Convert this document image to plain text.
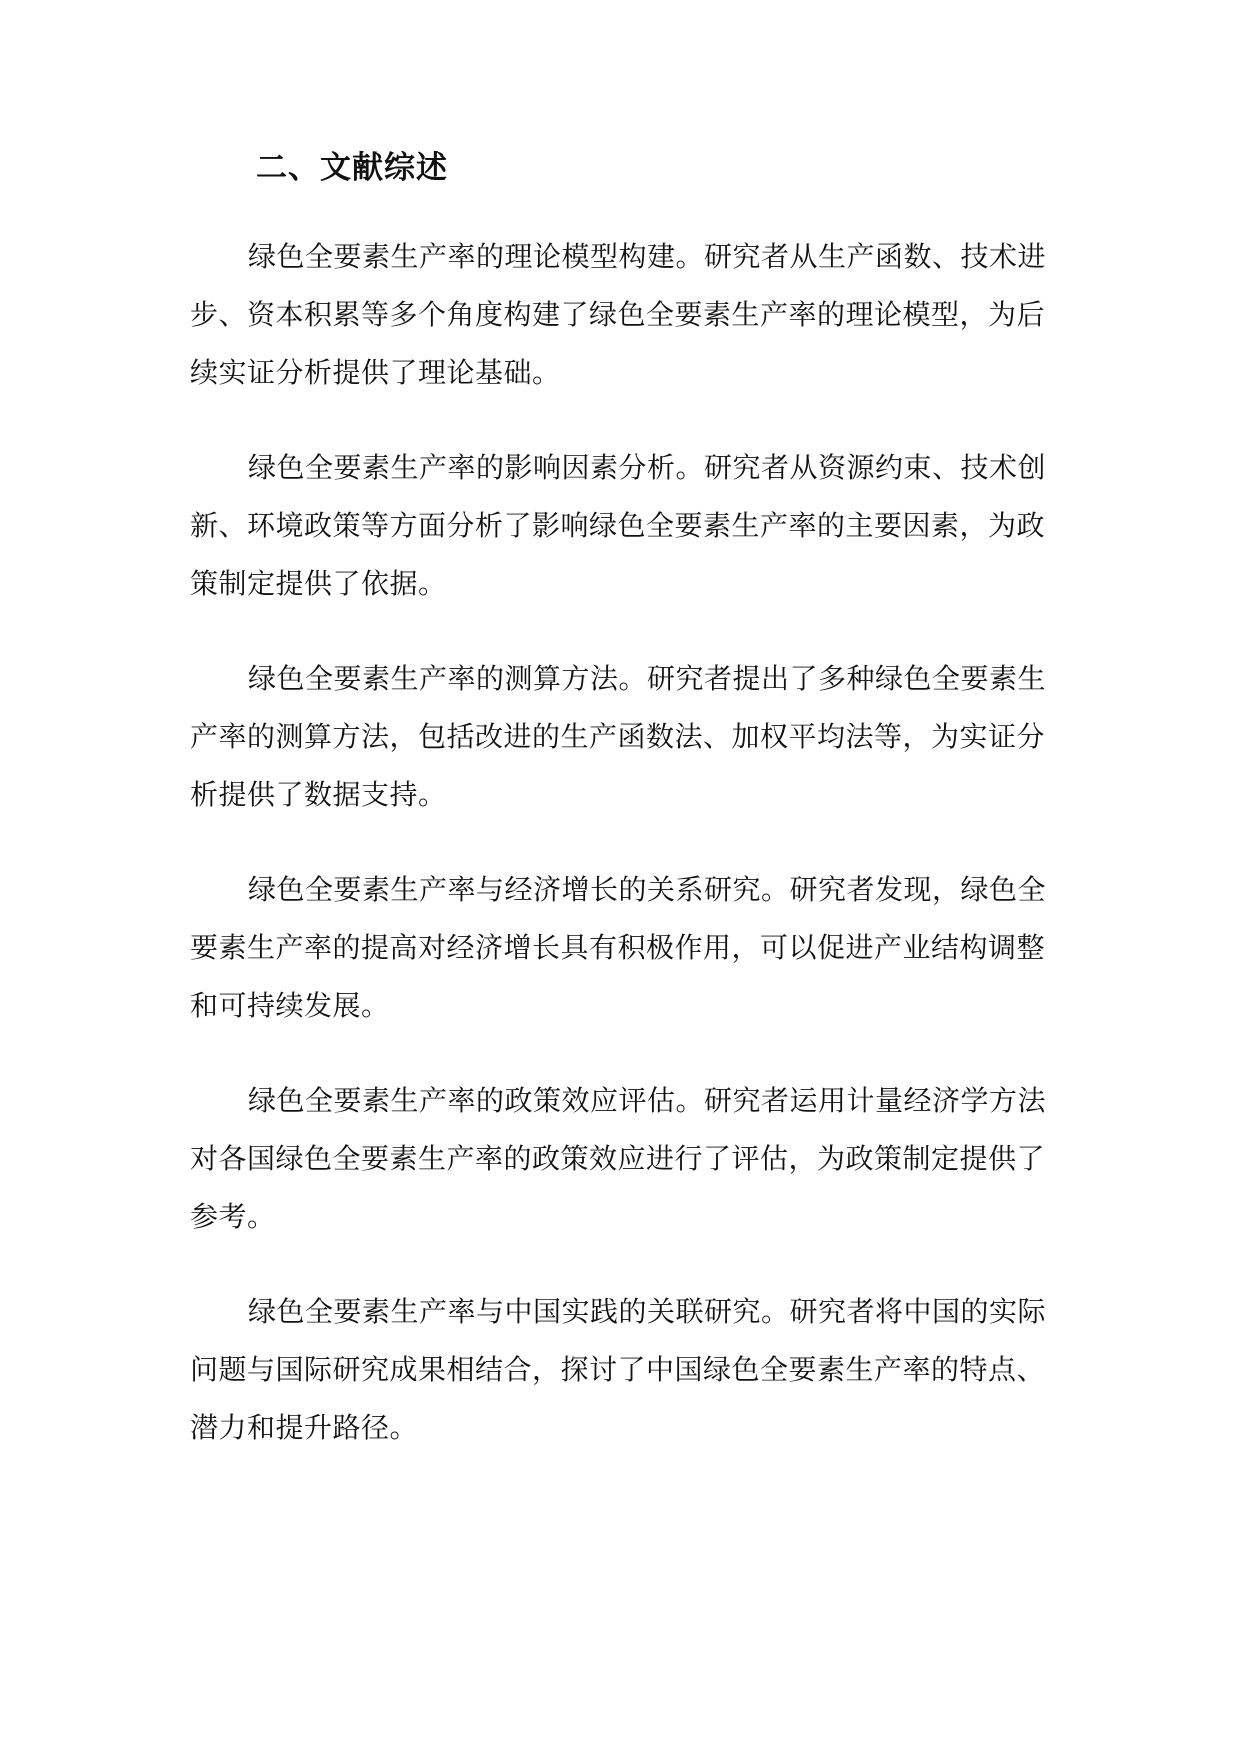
二、文献综述
绿色全要素生产率的理论模型构建。研究者从生产函数、技术进
步、资本积累等多个角度构建了绿色全要素生产率的理论模型，为后
续实证分析提供了理论基础。
绿色全要素生产率的影响因素分析。研究者从资源约束、技术创
新、环境政策等方面分析了影响绿色全要素生产率的主要因素，为政
策制定提供了依据。
绿色全要素生产率的测算方法。研究者提出了多种绿色全要素生
产率的测算方法，包括改进的生产函数法、加权平均法等，为实证分
析提供了数据支持。
绿色全要素生产率与经济增长的关系研究。研究者发现，绿色全
要素生产率的提高对经济增长具有积极作用，可以促进产业结构调整
和可持续发展。
绿色全要素生产率的政策效应评估。研究者运用计量经济学方法
对各国绿色全要素生产率的政策效应进行了评估，为政策制定提供了
参考。
绿色全要素生产率与中国实践的关联研究。研究者将中国的实际
问题与国际研究成果相结合，探讨了中国绿色全要素生产率的特点、
潜力和提升路径。
